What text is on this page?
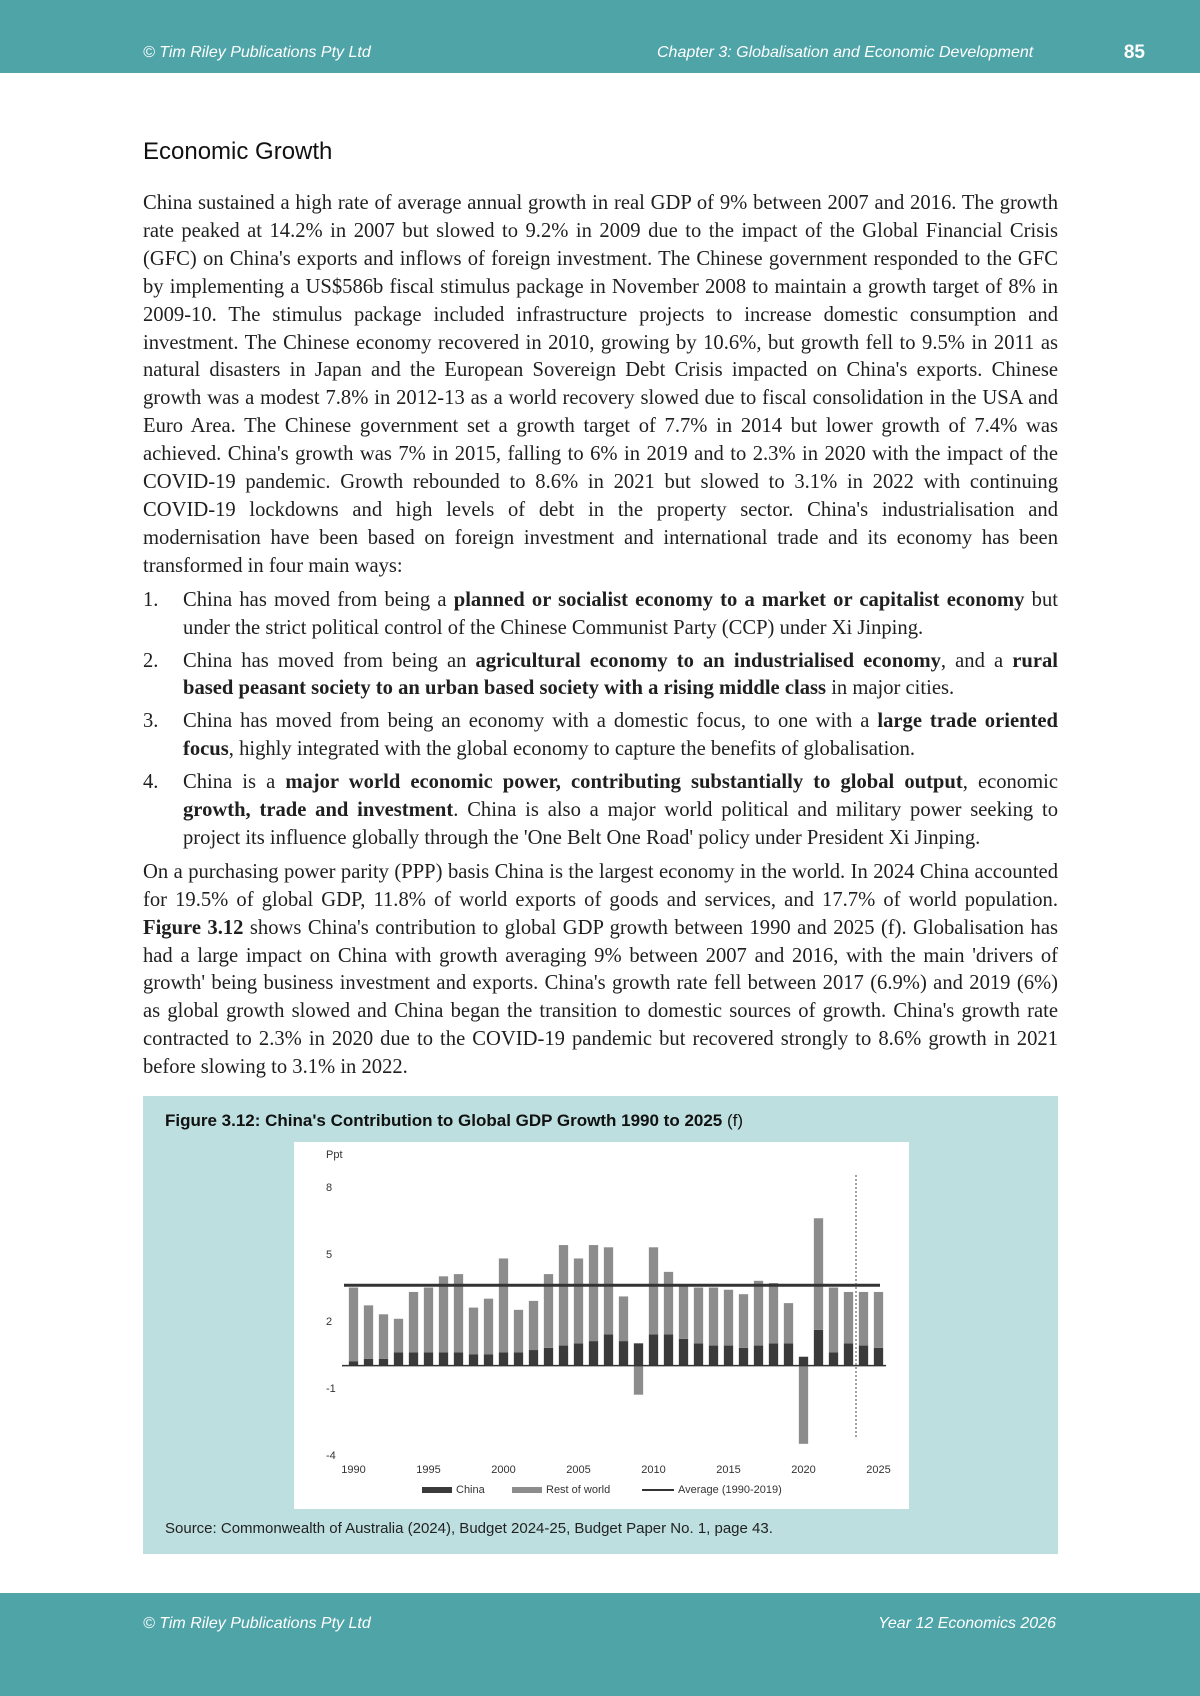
© Tim Riley Publications Pty Ltd	Chapter 3: Globalisation and Economic Development	85
Economic Growth

China sustained a high rate of average annual growth in real GDP of 9% between 2007 and 2016. The growth rate peaked at 14.2% in 2007 but slowed to 9.2% in 2009 due to the impact of the Global Financial Crisis (GFC) on China's exports and inflows of foreign investment. The Chinese government responded to the GFC by implementing a US$586b fiscal stimulus package in November 2008 to maintain a growth target of 8% in 2009-10. The stimulus package included infrastructure projects to increase domestic consumption and investment. The Chinese economy recovered in 2010, growing by 10.6%, but growth fell to 9.5% in 2011 as natural disasters in Japan and the European Sovereign Debt Crisis impacted on China's exports. Chinese growth was a modest 7.8% in 2012-13 as a world recovery slowed due to fiscal consolidation in the USA and Euro Area. The Chinese government set a growth target of 7.7% in 2014 but lower growth of 7.4% was achieved. China's growth was 7% in 2015, falling to 6% in 2019 and to 2.3% in 2020 with the impact of the COVID-19 pandemic. Growth rebounded to 8.6% in 2021 but slowed to 3.1% in 2022 with continuing COVID-19 lockdowns and high levels of debt in the property sector. China's industrialisation and modernisation have been based on foreign investment and international trade and its economy has been transformed in four main ways:

1. China has moved from being a planned or socialist economy to a market or capitalist economy but under the strict political control of the Chinese Communist Party (CCP) under Xi Jinping.
2. China has moved from being an agricultural economy to an industrialised economy, and a rural based peasant society to an urban based society with a rising middle class in major cities.
3. China has moved from being an economy with a domestic focus, to one with a large trade oriented focus, highly integrated with the global economy to capture the benefits of globalisation.
4. China is a major world economic power, contributing substantially to global output, economic growth, trade and investment. China is also a major world political and military power seeking to project its influence globally through the 'One Belt One Road' policy under President Xi Jinping.

On a purchasing power parity (PPP) basis China is the largest economy in the world. In 2024 China accounted for 19.5% of global GDP, 11.8% of world exports of goods and services, and 17.7% of world population. Figure 3.12 shows China's contribution to global GDP growth between 1990 and 2025 (f). Globalisation has had a large impact on China with growth averaging 9% between 2007 and 2016, with the main 'drivers of growth' being business investment and exports. China's growth rate fell between 2017 (6.9%) and 2019 (6%) as global growth slowed and China began the transition to domestic sources of growth. China's growth rate contracted to 2.3% in 2020 due to the COVID-19 pandemic but recovered strongly to 8.6% growth in 2021 before slowing to 3.1% in 2022.

Figure 3.12: China's Contribution to Global GDP Growth 1990 to 2025 (f)
Ppt
-4
-1
2
5
8
1990	1995	2000	2005	2010	2015	2020	2025
China	Rest of world	Average (1990-2019)
Source: Commonwealth of Australia (2024), Budget 2024-25, Budget Paper No. 1, page 43.
© Tim Riley Publications Pty Ltd	Year 12 Economics 2026
